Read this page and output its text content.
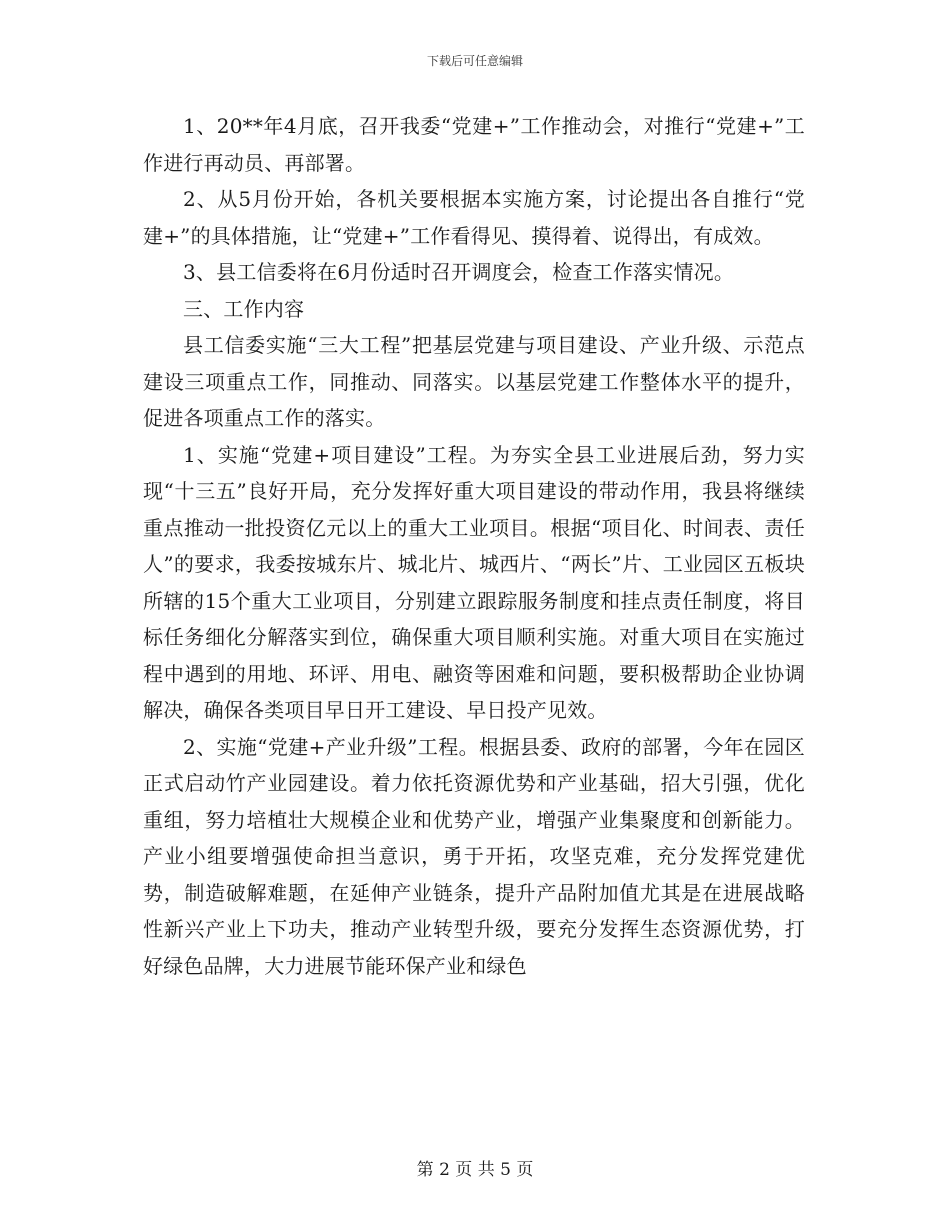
下载后可任意编辑

1、20**年4月底，召开我委“党建+”工作推动会，对推行“党建+”工作进行再动员、再部署。

2、从5月份开始，各机关要根据本实施方案，讨论提出各自推行“党建+”的具体措施，让“党建+”工作看得见、摸得着、说得出，有成效。

3、县工信委将在6月份适时召开调度会，检查工作落实情况。

三、工作内容

县工信委实施“三大工程”把基层党建与项目建设、产业升级、示范点建设三项重点工作，同推动、同落实。以基层党建工作整体水平的提升，促进各项重点工作的落实。

1、实施“党建+项目建设”工程。为夯实全县工业进展后劲，努力实现“十三五”良好开局，充分发挥好重大项目建设的带动作用，我县将继续重点推动一批投资亿元以上的重大工业项目。根据“项目化、时间表、责任人”的要求，我委按城东片、城北片、城西片、“两长”片、工业园区五板块所辖的15个重大工业项目，分别建立跟踪服务制度和挂点责任制度，将目标任务细化分解落实到位，确保重大项目顺利实施。对重大项目在实施过程中遇到的用地、环评、用电、融资等困难和问题，要积极帮助企业协调解决，确保各类项目早日开工建设、早日投产见效。

2、实施“党建+产业升级”工程。根据县委、政府的部署，今年在园区正式启动竹产业园建设。着力依托资源优势和产业基础，招大引强，优化重组，努力培植壮大规模企业和优势产业，增强产业集聚度和创新能力。产业小组要增强使命担当意识，勇于开拓，攻坚克难，充分发挥党建优势，制造破解难题，在延伸产业链条，提升产品附加值尤其是在进展战略性新兴产业上下功夫，推动产业转型升级，要充分发挥生态资源优势，打好绿色品牌，大力进展节能环保产业和绿色

第 2 页 共 5 页
